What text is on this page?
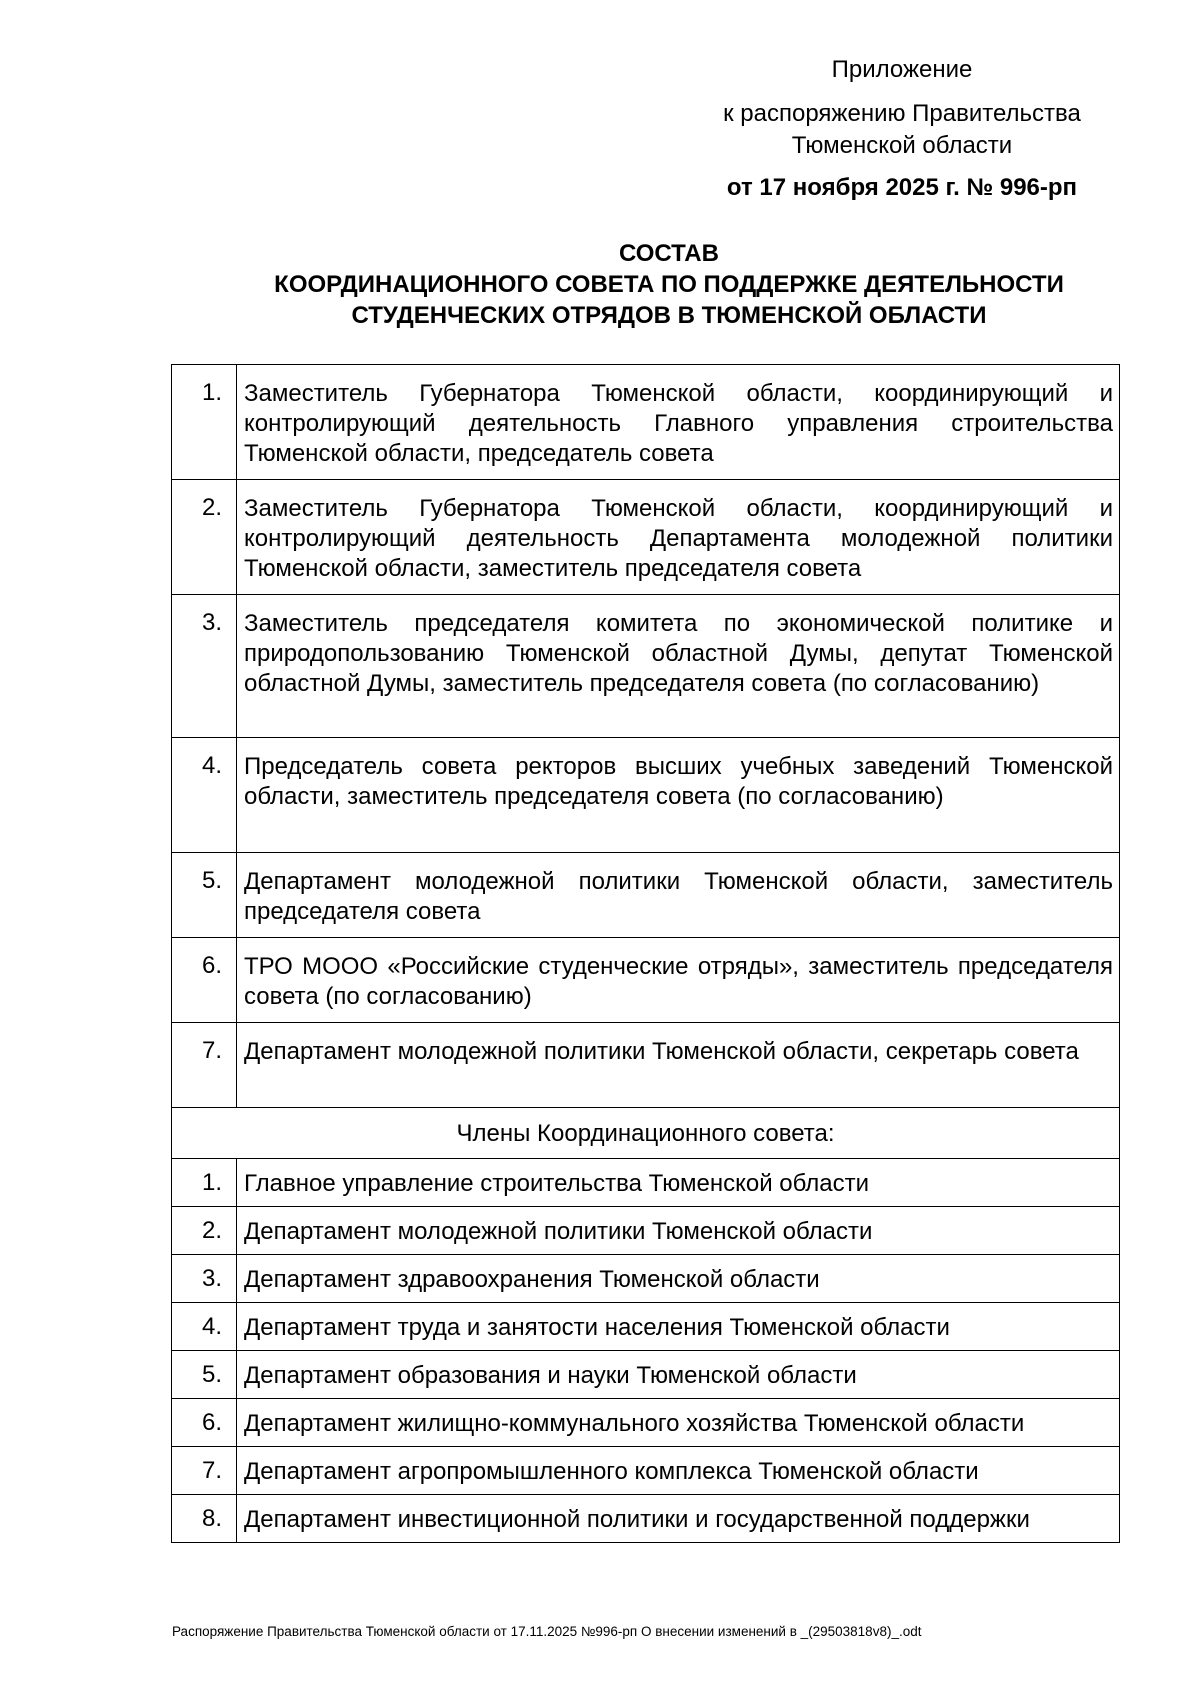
Приложение
к распоряжению Правительства
Тюменской области
от 17 ноября 2025 г. № 996-рп
СОСТАВ
КООРДИНАЦИОННОГО СОВЕТА ПО ПОДДЕРЖКЕ ДЕЯТЕЛЬНОСТИ
СТУДЕНЧЕСКИХ ОТРЯДОВ В ТЮМЕНСКОЙ ОБЛАСТИ
1.	Заместитель Губернатора Тюменской области, координирующий и контролирующий деятельность Главного управления строительства Тюменской области, председатель совета
2.	Заместитель Губернатора Тюменской области, координирующий и контролирующий деятельность Департамента молодежной политики Тюменской области, заместитель председателя совета
3.	Заместитель председателя комитета по экономической политике и природопользованию Тюменской областной Думы, депутат Тюменской областной Думы, заместитель председателя совета (по согласованию)
4.	Председатель совета ректоров высших учебных заведений Тюменской области, заместитель председателя совета (по согласованию)
5.	Департамент молодежной политики Тюменской области, заместитель председателя совета
6.	ТРО МООО «Российские студенческие отряды», заместитель председателя совета (по согласованию)
7.	Департамент молодежной политики Тюменской области, секретарь совета
Члены Координационного совета:	
1.	Главное управление строительства Тюменской области
2.	Департамент молодежной политики Тюменской области
3.	Департамент здравоохранения Тюменской области
4.	Департамент труда и занятости населения Тюменской области
5.	Департамент образования и науки Тюменской области
6.	Департамент жилищно-коммунального хозяйства Тюменской области
7.	Департамент агропромышленного комплекса Тюменской области
8.	Департамент инвестиционной политики и государственной поддержки
Распоряжение Правительства Тюменской области от 17.11.2025 №996-рп О внесении изменений в _(29503818v8)_.odt
